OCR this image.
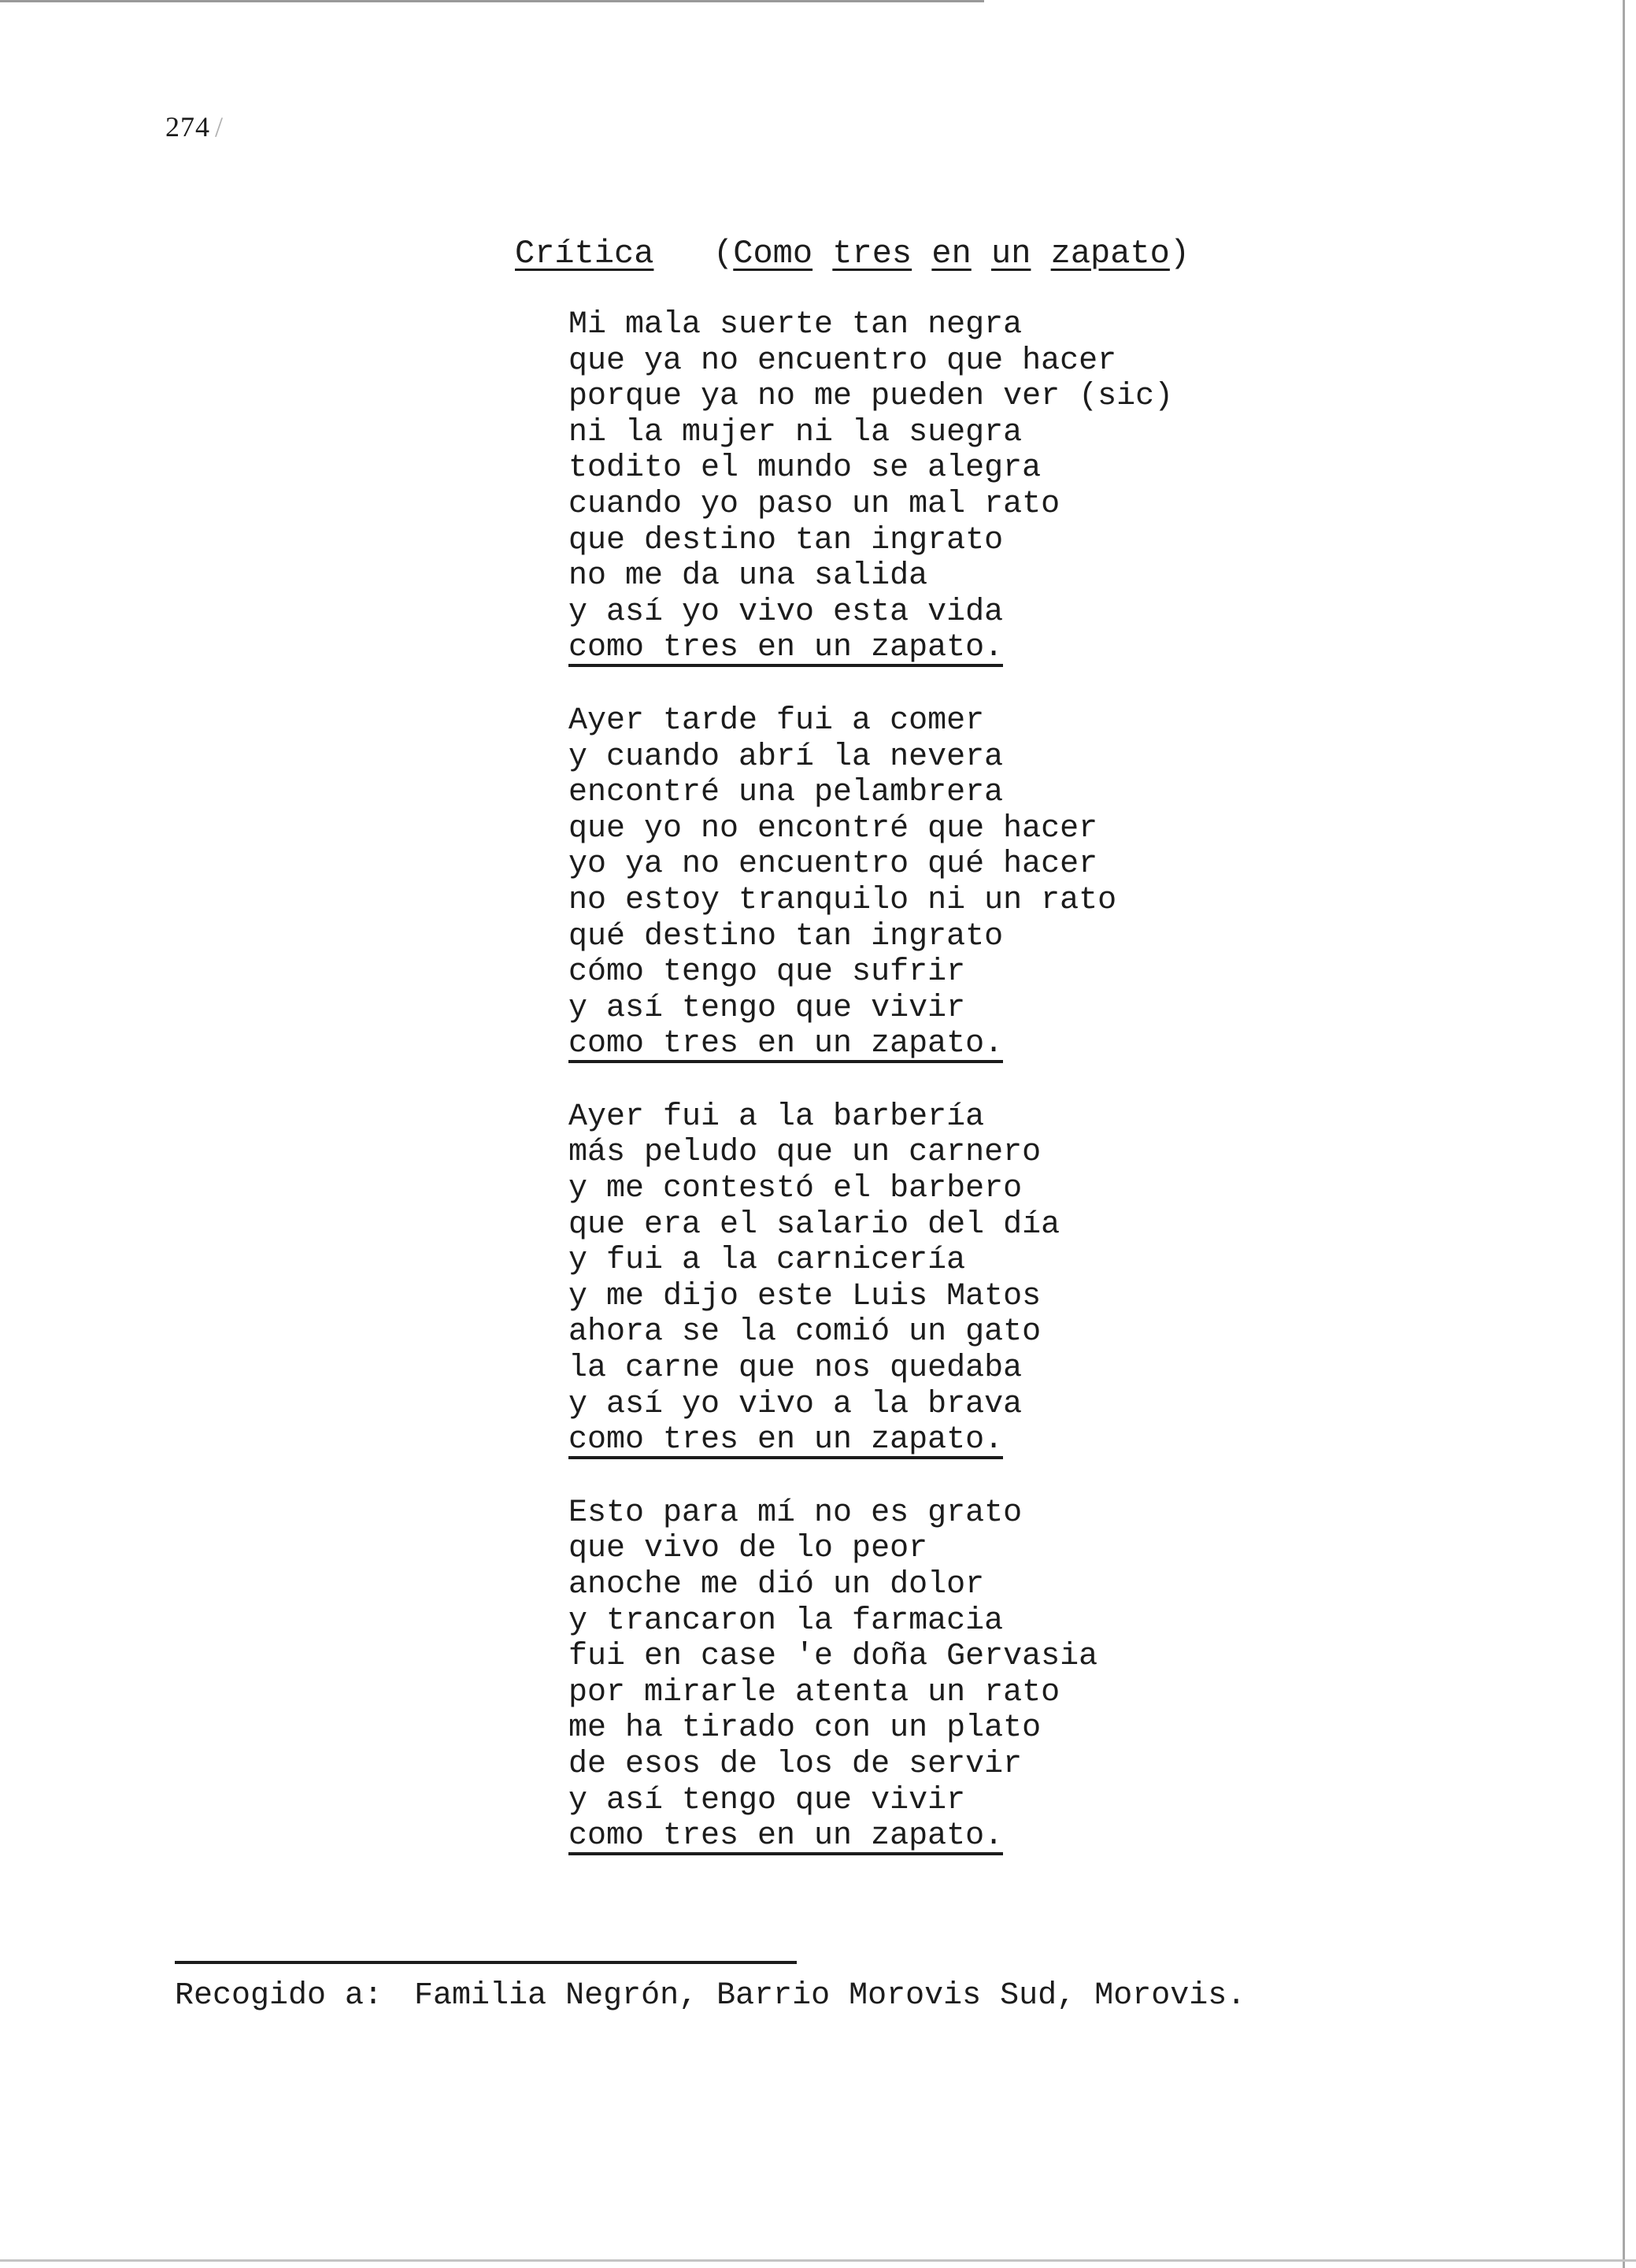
274 /
Crítica   (Como tres en un zapato)
Mi mala suerte tan negra
que ya no encuentro que hacer
porque ya no me pueden ver (sic)
ni la mujer ni la suegra
todito el mundo se alegra
cuando yo paso un mal rato
que destino tan ingrato
no me da una salida
y así yo vivo esta vida
como tres en un zapato.
Ayer tarde fui a comer
y cuando abrí la nevera
encontré una pelambrera
que yo no encontré que hacer
yo ya no encuentro qué hacer
no estoy tranquilo ni un rato
qué destino tan ingrato
cómo tengo que sufrir
y así tengo que vivir
como tres en un zapato.
Ayer fui a la barbería
más peludo que un carnero
y me contestó el barbero
que era el salario del día
y fui a la carnicería
y me dijo este Luis Matos
ahora se la comió un gato
la carne que nos quedaba
y así yo vivo a la brava
como tres en un zapato.
Esto para mí no es grato
que vivo de lo peor
anoche me dió un dolor
y trancaron la farmacia
fui en case 'e doña Gervasia
por mirarle atenta un rato
me ha tirado con un plato
de esos de los de servir
y así tengo que vivir
como tres en un zapato.
Recogido a: Familia Negrón, Barrio Morovis Sud, Morovis.
